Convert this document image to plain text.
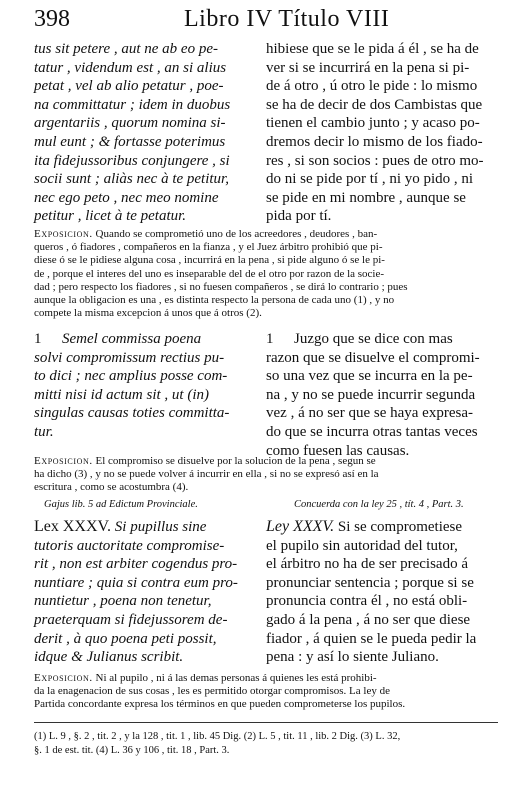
398	Libro IV Título VIII
tus sit petere , aut ne ab eo pe-
tatur , videndum est , an si alius
petat , vel ab alio petatur , poe-
na committatur ; idem in duobus
argentariis , quorum nomina si-
mul eunt ; & fortasse poterimus
ita fidejussoribus conjungere , si
socii sunt ; aliàs nec à te petitur,
nec ego peto , nec meo nomine
petitur , licet à te petatur.
hibiese que se le pida á él , se ha de
ver si se incurrirá en la pena si pi-
de á otro , ú otro le pide : lo mismo
se ha de decir de dos Cambistas que
tienen el cambio junto ; y acaso po-
dremos decir lo mismo de los fiado-
res , si son socios : pues de otro mo-
do ni se pide por tí , ni yo pido , ni
se pide en mi nombre , aunque se
pida por tí.
Exposicion. Quando se comprometió uno de los acreedores , deudores , ban-
queros , ó fiadores , compañeros en la fianza , y el Juez árbitro prohibió que pi-
diese ó se le pidiese alguna cosa , incurrirá en la pena , si pide alguno ó se le pi-
de , porque el interes del uno es inseparable del de el otro por razon de la socie-
dad ; pero respecto los fiadores , si no fuesen compañeros , se dirá lo contrario ; pues
aunque la obligacion es una , es distinta respecto la persona de cada uno (1) , y no
compete la misma excepcion á unos que á otros (2).
1 Semel commissa poena
solvi compromissum rectius pu-
to dici ; nec amplius posse com-
mitti nisi id actum sit , ut (in)
singulas causas toties committa-
tur.
1 Juzgo que se dice con mas
razon que se disuelve el compromi-
so una vez que se incurra en la pe-
na , y no se puede incurrir segunda
vez , á no ser que se haya expresa-
do que se incurra otras tantas veces
como fuesen las causas.
Exposicion. El compromiso se disuelve por la solucion de la pena , segun se
ha dicho (3) , y no se puede volver á incurrir en ella , si no se expresó así en la
escritura , como se acostumbra (4).
Gajus lib. 5 ad Edictum Provinciale.	Concuerda con la ley 25 , tít. 4 , Part. 3.
Lex XXXV. Si pupillus sine
tutoris auctoritate compromise-
rit , non est arbiter cogendus pro-
nuntiare ; quia si contra eum pro-
nuntietur , poena non tenetur,
praeterquam si fidejussorem de-
derit , à quo poena peti possit,
idque & Julianus scribit.
Ley XXXV. Si se comprometiese
el pupilo sin autoridad del tutor,
el árbitro no ha de ser precisado á
pronunciar sentencia ; porque si se
pronuncia contra él , no está obli-
gado á la pena , á no ser que diese
fiador , á quien se le pueda pedir la
pena : y así lo siente Juliano.
Exposicion. Ni al pupilo , ni á las demas personas á quienes les está prohibi-
da la enagenacion de sus cosas , les es permitido otorgar compromisos. La ley de
Partida concordante expresa los términos en que pueden comprometerse los pupilos.
(1) L. 9 , §. 2 , tit. 2 , y la 128 , tit. 1 , lib. 45 Dig. (2) L. 5 , tit. 11 , lib. 2 Dig. (3) L. 32,
§. 1 de est. tit. (4) L. 36 y 106 , tit. 18 , Part. 3.
